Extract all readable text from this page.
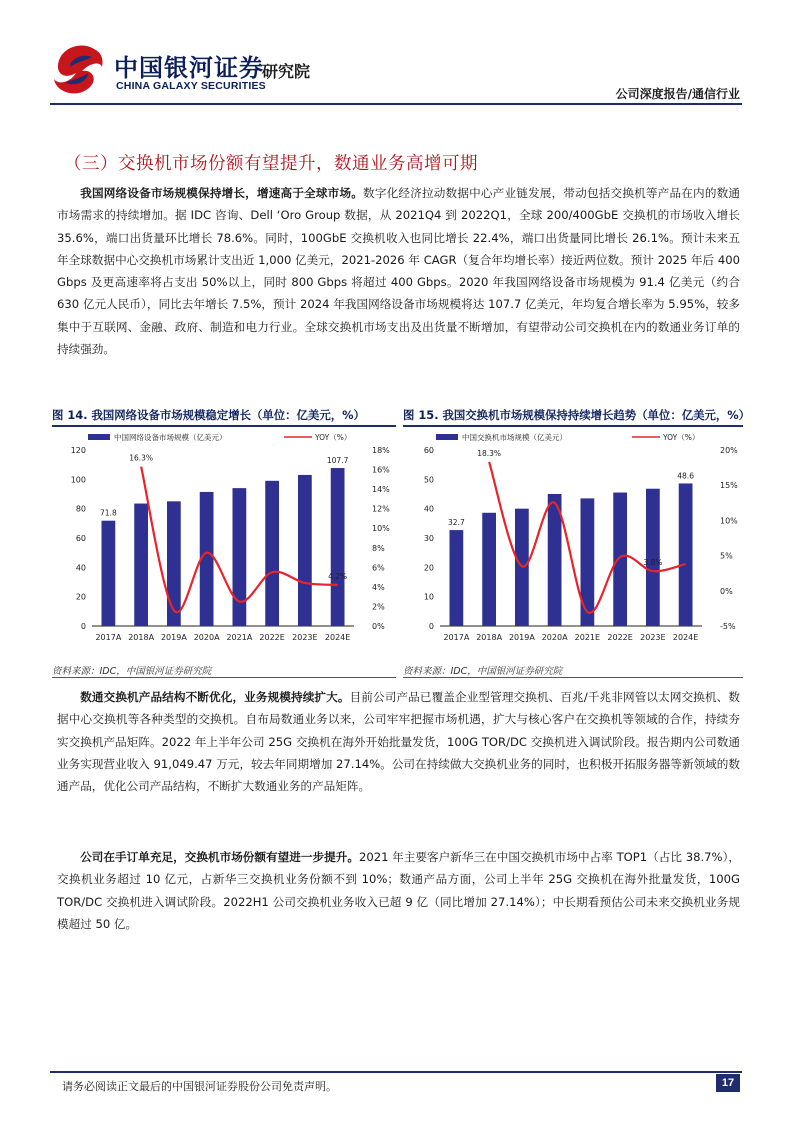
中国银河证券
CHINA GALAXY SECURITIES
研究院
公司深度报告/通信行业
（三）交换机市场份额有望提升，数通业务高增可期
我国网络设备市场规模保持增长，增速高于全球市场。数字化经济拉动数据中心产业链发展，带动包括交换机等产品在内的数通市场需求的持续增加。据 IDC 咨询、Dell ‘Oro Group 数据，从 2021Q4 到 2022Q1，全球 200/400GbE 交换机的市场收入增长 35.6%，端口出货量环比增长 78.6%。同时，100GbE 交换机收入也同比增长 22.4%，端口出货量同比增长 26.1%。预计未来五年全球数据中心交换机市场累计支出近 1,000 亿美元，2021-2026 年 CAGR（复合年均增长率）接近两位数。预计 2025 年后 400 Gbps 及更高速率将占支出 50%以上，同时 800 Gbps 将超过 400 Gbps。2020 年我国网络设备市场规模为 91.4 亿美元（约合 630 亿元人民币），同比去年增长 7.5%，预计 2024 年我国网络设备市场规模将达 107.7 亿美元，年均复合增长率为 5.95%，较多集中于互联网、金融、政府、制造和电力行业。全球交换机市场支出及出货量不断增加，有望带动公司交换机在内的数通业务订单的持续强劲。
图 14. 我国网络设备市场规模稳定增长（单位：亿美元，%）
中国网络设备市场规模（亿美元）	YOY（%）
0
20
40
60
80
100
120
0%
2%
4%
6%
8%
10%
12%
14%
16%
18%
2017A 2018A 2019A 2020A 2021A 2022E 2023E 2024E
71.8
107.7
16.3%
4.2%
资料来源：IDC，中国银河证券研究院
图 15. 我国交换机市场规模保持持续增长趋势（单位：亿美元，%）
中国交换机市场规模（亿美元）	YOY（%）
0
10
20
30
40
50
60
-5%
0%
5%
10%
15%
20%
2017A 2018A 2019A 2020A 2021E 2022E 2023E 2024E
32.7
48.6
18.3%
3.8%
资料来源：IDC，中国银河证券研究院
数通交换机产品结构不断优化，业务规模持续扩大。目前公司产品已覆盖企业型管理交换机、百兆/千兆非网管以太网交换机、数据中心交换机等各种类型的交换机。自布局数通业务以来，公司牢牢把握市场机遇，扩大与核心客户在交换机等领域的合作，持续夯实交换机产品矩阵。2022 年上半年公司 25G 交换机在海外开始批量发货，100G TOR/DC 交换机进入调试阶段。报告期内公司数通业务实现营业收入 91,049.47 万元，较去年同期增加 27.14%。公司在持续做大交换机业务的同时，也积极开拓服务器等新领域的数通产品，优化公司产品结构，不断扩大数通业务的产品矩阵。
公司在手订单充足，交换机市场份额有望进一步提升。2021 年主要客户新华三在中国交换机市场中占率 TOP1（占比 38.7%），交换机业务超过 10 亿元，占新华三交换机业务份额不到 10%；数通产品方面，公司上半年 25G 交换机在海外批量发货，100G TOR/DC 交换机进入调试阶段。2022H1 公司交换机业务收入已超 9 亿（同比增加 27.14%）；中长期看预估公司未来交换机业务规模超过 50 亿。
请务必阅读正文最后的中国银河证券股份公司免责声明。	17
